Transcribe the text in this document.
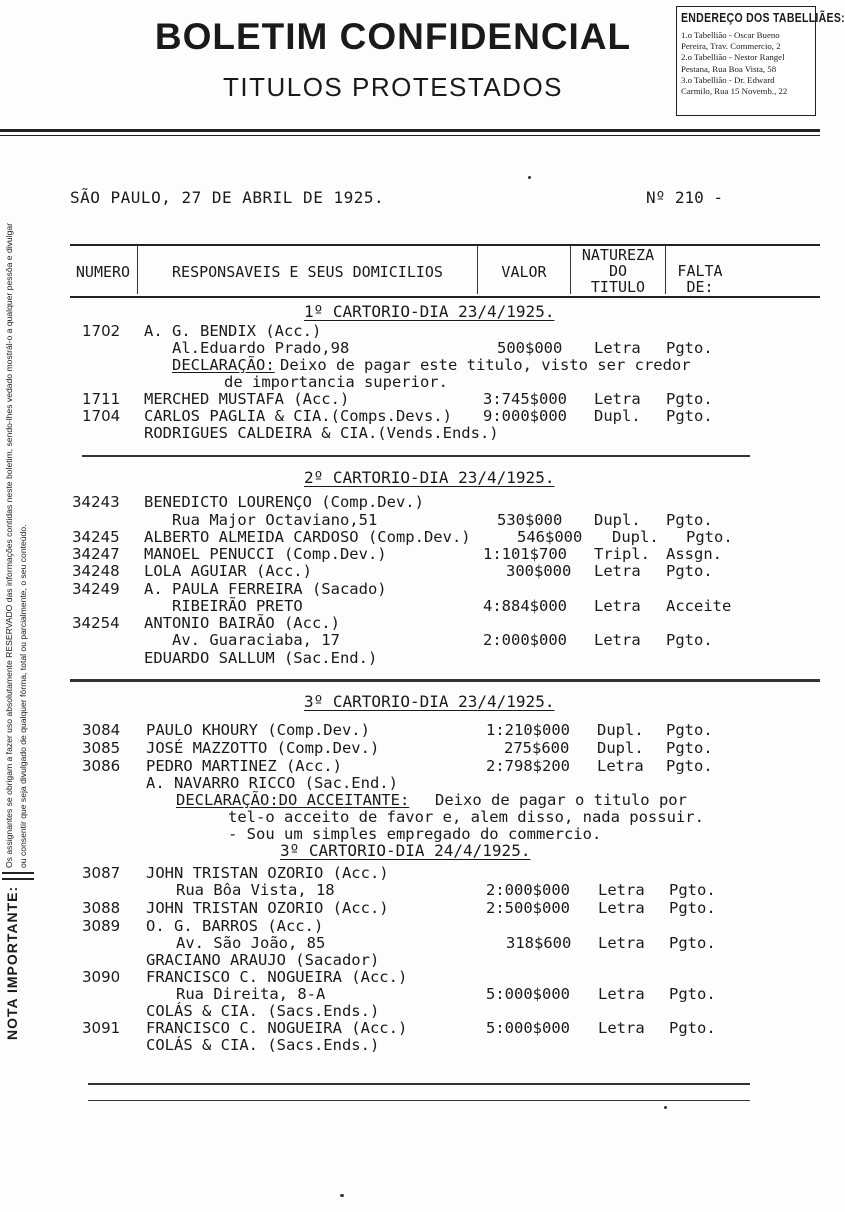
BOLETIM CONFIDENCIAL
TITULOS PROTESTADOS
ENDEREÇO DOS TABELLIÃES:
1.o Tabellião - Oscar Bueno
Pereira, Trav. Commercio, 2
2.o Tabellião - Nestor Rangel
Pestana, Rua Boa Vista, 58
3.o Tabellião - Dr. Edward
Carmilo, Rua 15 Novemb., 22
NOTA IMPORTANTE:
Os assignantes se obrigam a fazer uso absolutamente RESERVADO das informações contidas neste boletim, sendo-lhes vedado mostrál-o a qualquer pessôa e divulgar ou consentir que seja divulgado de qualquer fórma, total ou parcialmente, o seu conteúdo.
SÃO PAULO, 27 DE ABRIL DE 1925.	Nº 210 -
NUMERO	RESPONSAVEIS E SEUS DOMICILIOS	VALOR
NATUREZA
DO
TITULO
FALTA
DE:
1º CARTORIO-DIA 23/4/1925.
1702 A. G. BENDIX (Acc.)
Al.Eduardo Prado,98	500$000 Letra Pgto.
DECLARAÇÃO: Deixo de pagar este titulo, visto ser credor
de importancia superior.
1711 MERCHED MUSTAFA (Acc.)	3:745$000 Letra Pgto.
1704 CARLOS PAGLIA & CIA.(Comps.Devs.) 9:000$000 Dupl. Pgto.
RODRIGUES CALDEIRA & CIA.(Vends.Ends.)
2º CARTORIO-DIA 23/4/1925.
34243 BENEDICTO LOURENÇO (Comp.Dev.)
Rua Major Octaviano,51	530$000 Dupl. Pgto.
34245 ALBERTO ALMEIDA CARDOSO (Comp.Dev.)	546$000 Dupl. Pgto.
34247 MANOEL PENUCCI (Comp.Dev.)	1:101$700 Tripl. Assgn.
34248 LOLA AGUIAR (Acc.)	300$000 Letra Pgto.
34249 A. PAULA FERREIRA (Sacado)
RIBEIRÃO PRETO	4:884$000 Letra Acceite
34254 ANTONIO BAIRÃO (Acc.)
Av. Guaraciaba, 17	2:000$000 Letra Pgto.
EDUARDO SALLUM (Sac.End.)
3º CARTORIO-DIA 23/4/1925.
3084 PAULO KHOURY (Comp.Dev.)	1:210$000 Dupl. Pgto.
3085 JOSÉ MAZZOTTO (Comp.Dev.)	275$600 Dupl. Pgto.
3086 PEDRO MARTINEZ (Acc.)	2:798$200 Letra Pgto.
A. NAVARRO RICCO (Sac.End.)
DECLARAÇÃO:DO ACCEITANTE: Deixo de pagar o titulo por
tel-o acceito de favor e, alem disso, nada possuir.
- Sou um simples empregado do commercio.
3º CARTORIO-DIA 24/4/1925.
3087 JOHN TRISTAN OZORIO (Acc.)
Rua Bôa Vista, 18	2:000$000 Letra Pgto.
3088 JOHN TRISTAN OZORIO (Acc.)	2:500$000 Letra Pgto.
3089 O. G. BARROS (Acc.)
Av. São João, 85	318$600 Letra Pgto.
GRACIANO ARAUJO (Sacador)
3090 FRANCISCO C. NOGUEIRA (Acc.)
Rua Direita, 8-A	5:000$000 Letra Pgto.
COLÁS & CIA. (Sacs.Ends.)
3091 FRANCISCO C. NOGUEIRA (Acc.)	5:000$000 Letra Pgto.
COLÁS & CIA. (Sacs.Ends.)
